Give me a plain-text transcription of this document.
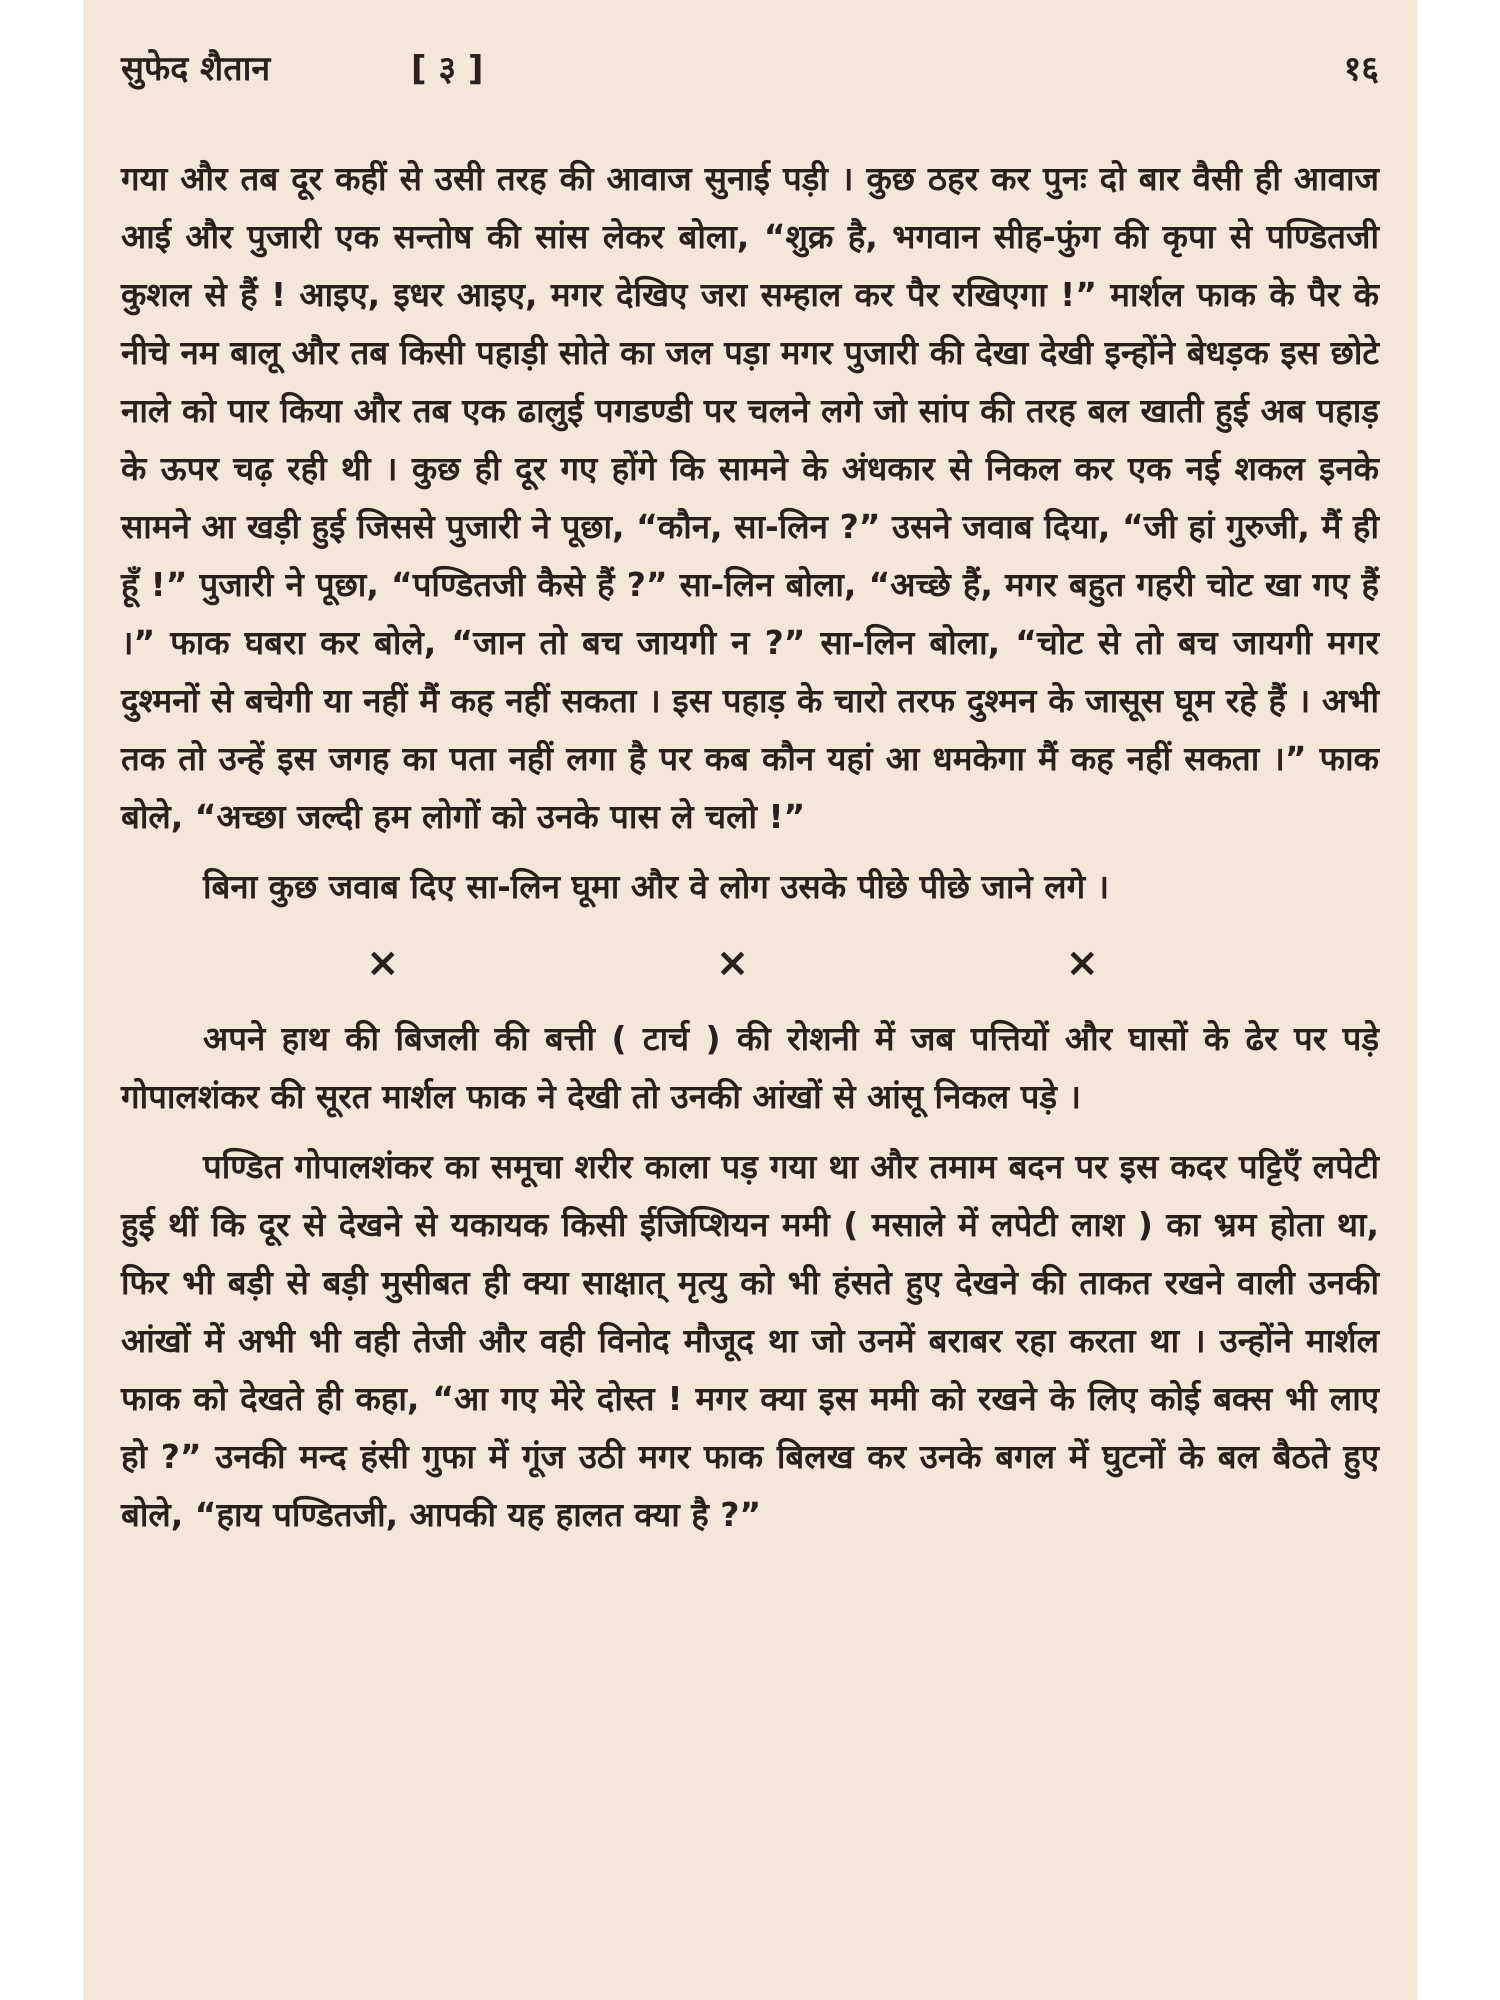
सुफेद शैतान	[ ३ ]	१६

गया और तब दूर कहीं से उसी तरह की आवाज सुनाई पड़ी । कुछ ठहर कर पुनः दो बार वैसी ही आवाज आई और पुजारी एक सन्तोष की सांस लेकर बोला, “शुक्र है, भगवान सीह-फुंग की कृपा से पण्डितजी कुशल से हैं ! आइए, इधर आइए, मगर देखिए जरा सम्हाल कर पैर रखिएगा !” मार्शल फाक के पैर के नीचे नम बालू और तब किसी पहाड़ी सोते का जल पड़ा मगर पुजारी की देखा देखी इन्होंने बेधड़क इस छोटे नाले को पार किया और तब एक ढालुई पगडण्डी पर चलने लगे जो सांप की तरह बल खाती हुई अब पहाड़ के ऊपर चढ़ रही थी । कुछ ही दूर गए होंगे कि सामने के अंधकार से निकल कर एक नई शकल इनके सामने आ खड़ी हुई जिससे पुजारी ने पूछा, “कौन, सा-लिन ?” उसने जवाब दिया, “जी हां गुरुजी, मैं ही हूँ !” पुजारी ने पूछा, “पण्डितजी कैसे हैं ?” सा-लिन बोला, “अच्छे हैं, मगर बहुत गहरी चोट खा गए हैं ।” फाक घबरा कर बोले, “जान तो बच जायगी न ?” सा-लिन बोला, “चोट से तो बच जायगी मगर दुश्मनों से बचेगी या नहीं मैं कह नहीं सकता । इस पहाड़ के चारो तरफ दुश्मन के जासूस घूम रहे हैं । अभी तक तो उन्हें इस जगह का पता नहीं लगा है पर कब कौन यहां आ धमकेगा मैं कह नहीं सकता ।” फाक बोले, “अच्छा जल्दी हम लोगों को उनके पास ले चलो !”

बिना कुछ जवाब दिए सा-लिन घूमा और वे लोग उसके पीछे पीछे जाने लगे ।

×	×	×

अपने हाथ की बिजली की बत्ती ( टार्च ) की रोशनी में जब पत्तियों और घासों के ढेर पर पड़े गोपालशंकर की सूरत मार्शल फाक ने देखी तो उनकी आंखों से आंसू निकल पड़े ।

पण्डित गोपालशंकर का समूचा शरीर काला पड़ गया था और तमाम बदन पर इस कदर पट्टिएँ लपेटी हुई थीं कि दूर से देखने से यकायक किसी ईजिप्शियन ममी ( मसाले में लपेटी लाश ) का भ्रम होता था, फिर भी बड़ी से बड़ी मुसीबत ही क्या साक्षात् मृत्यु को भी हंसते हुए देखने की ताकत रखने वाली उनकी आंखों में अभी भी वही तेजी और वही विनोद मौजूद था जो उनमें बराबर रहा करता था । उन्होंने मार्शल फाक को देखते ही कहा, “आ गए मेरे दोस्त ! मगर क्या इस ममी को रखने के लिए कोई बक्स भी लाए हो ?” उनकी मन्द हंसी गुफा में गूंज उठी मगर फाक बिलख कर उनके बगल में घुटनों के बल बैठते हुए बोले, “हाय पण्डितजी, आपकी यह हालत क्या है ?”
